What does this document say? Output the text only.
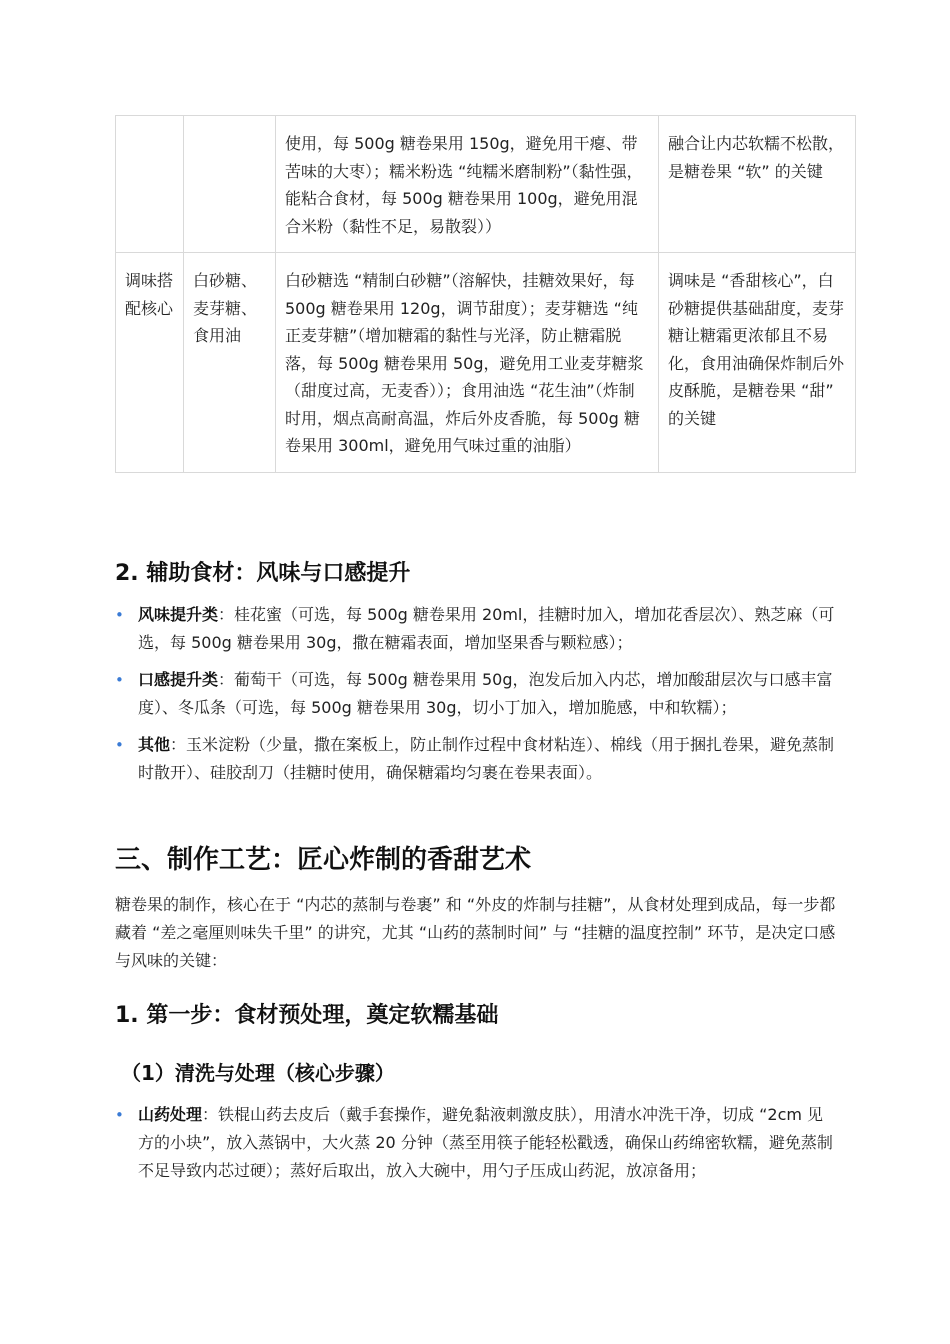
		使用，每 500g 糖卷果用 150g，避免用干瘪、带苦味的大枣）；糯米粉选 “纯糯米磨制粉”（黏性强，能粘合食材，每 500g 糖卷果用 100g，避免用混合米粉（黏性不足，易散裂））	融合让内芯软糯不松散，是糖卷果 “软” 的关键
调味搭配核心	白砂糖、麦芽糖、食用油	白砂糖选 “精制白砂糖”（溶解快，挂糖效果好，每 500g 糖卷果用 120g，调节甜度）；麦芽糖选 “纯正麦芽糖”（增加糖霜的黏性与光泽，防止糖霜脱落，每 500g 糖卷果用 50g，避免用工业麦芽糖浆（甜度过高，无麦香））；食用油选 “花生油”（炸制时用，烟点高耐高温，炸后外皮香脆，每 500g 糖卷果用 300ml，避免用气味过重的油脂）	调味是 “香甜核心”，白砂糖提供基础甜度，麦芽糖让糖霜更浓郁且不易化，食用油确保炸制后外皮酥脆，是糖卷果 “甜” 的关键
2. 辅助食材：风味与口感提升
• 风味提升类：桂花蜜（可选，每 500g 糖卷果用 20ml，挂糖时加入，增加花香层次）、熟芝麻（可选，每 500g 糖卷果用 30g，撒在糖霜表面，增加坚果香与颗粒感）；
• 口感提升类：葡萄干（可选，每 500g 糖卷果用 50g，泡发后加入内芯，增加酸甜层次与口感丰富度）、冬瓜条（可选，每 500g 糖卷果用 30g，切小丁加入，增加脆感，中和软糯）；
• 其他：玉米淀粉（少量，撒在案板上，防止制作过程中食材粘连）、棉线（用于捆扎卷果，避免蒸制时散开）、硅胶刮刀（挂糖时使用，确保糖霜均匀裹在卷果表面）。
三、制作工艺：匠心炸制的香甜艺术

糖卷果的制作，核心在于 “内芯的蒸制与卷裹” 和 “外皮的炸制与挂糖”，从食材处理到成品，每一步都藏着 “差之毫厘则味失千里” 的讲究，尤其 “山药的蒸制时间” 与 “挂糖的温度控制” 环节，是决定口感与风味的关键：

1. 第一步：食材预处理，奠定软糯基础
（1）清洗与处理（核心步骤）
• 山药处理：铁棍山药去皮后（戴手套操作，避免黏液刺激皮肤），用清水冲洗干净，切成 “2cm 见方的小块”，放入蒸锅中，大火蒸 20 分钟（蒸至用筷子能轻松戳透，确保山药绵密软糯，避免蒸制不足导致内芯过硬）；蒸好后取出，放入大碗中，用勺子压成山药泥，放凉备用；
